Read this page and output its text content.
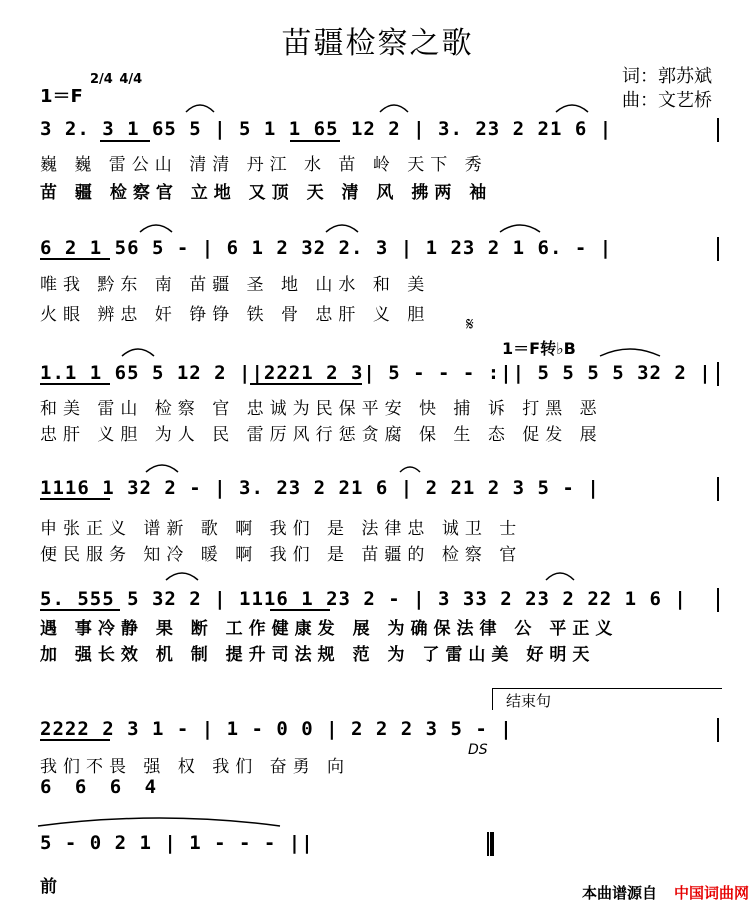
苗疆检察之歌
词：郭苏斌
曲：文艺桥
1＝F
2/4 4/4
3 2. 3 1 65 5 | 5 1 1 65 12 2 | 3. 23 2 21 6 |
巍 巍 雷公山 清清 丹江 水 苗 岭 天下 秀
苗 疆 检察官 立地 又顶 天 清 风 拂两 袖
6 2 1 56 5 - | 6 1 2 32 2. 3 | 1 23 2 1 6. - |
唯我 黔东 南 苗疆 圣 地 山水 和 美
火眼 辨忠 奸 铮铮 铁 骨 忠肝 义 胆 𝄋
1＝F转♭B
1.1 1 65 5 12 2 ||2221 2 3| 5 - - - :|| 5 5 5 5 32 2 |
和美 雷山 检察 官 忠诚为民保平安 快 捕 诉 打黑 恶
忠肝 义胆 为人 民 雷厉风行惩贪腐 保 生 态 促发 展
1116 1 32 2 - | 3. 23 2 21 6 | 2 21 2 3 5 - |
申张正义 谱新 歌 啊 我们 是 法律忠 诚卫 士
便民服务 知冷 暖 啊 我们 是 苗疆的 检察 官
5. 555 5 32 2 | 1116 1 23 2 - | 3 33 2 23 2 22 1 6 |
遇 事冷静 果 断 工作健康发 展 为确保法律 公 平正义
加 强长效 机 制 提升司法规 范 为 了雷山美 好明天
结束句
2222 2 3 1 - | 1 - 0 0 | 2 2 2 3 5 - |
我们不畏 强 权 我们 奋勇 向
6 6 6 4
DS
5 - 0 2 1 | 1 - - - ||
前	本曲谱源自 中国词曲网
